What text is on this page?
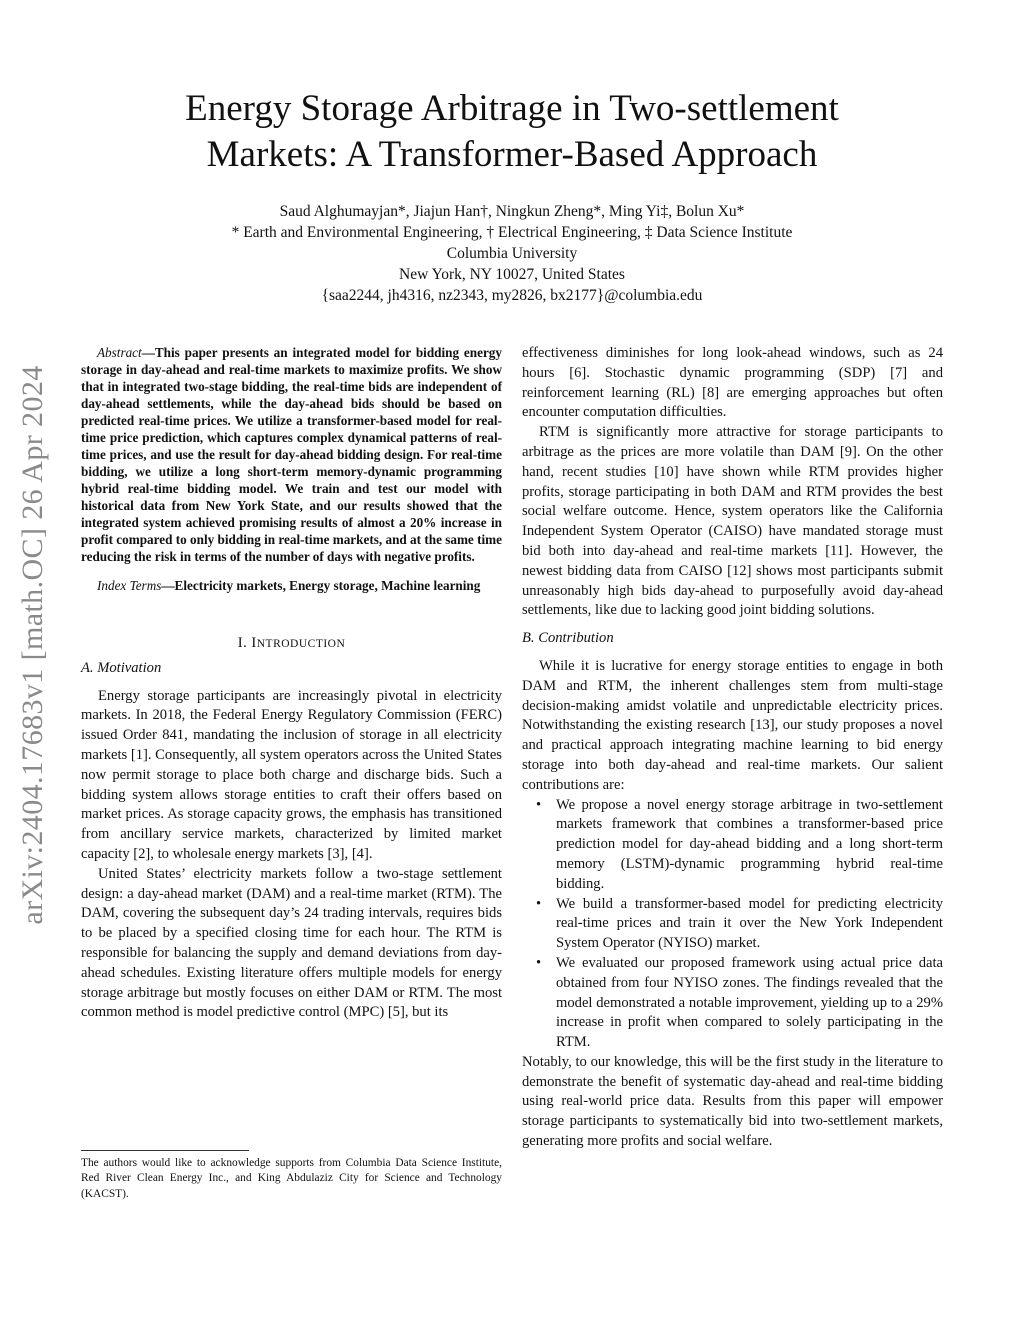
Energy Storage Arbitrage in Two-settlement
Markets: A Transformer-Based Approach
Saud Alghumayjan*, Jiajun Han†, Ningkun Zheng*, Ming Yi‡, Bolun Xu*
* Earth and Environmental Engineering, † Electrical Engineering, ‡ Data Science Institute
Columbia University
New York, NY 10027, United States
{saa2244, jh4316, nz2343, my2826, bx2177}@columbia.edu
arXiv:2404.17683v1 [math.OC] 26 Apr 2024

Abstract—This paper presents an integrated model for bidding energy storage in day-ahead and real-time markets to maximize profits. We show that in integrated two-stage bidding, the real-time bids are independent of day-ahead settlements, while the day-ahead bids should be based on predicted real-time prices. We utilize a transformer-based model for real-time price prediction, which captures complex dynamical patterns of real-time prices, and use the result for day-ahead bidding design. For real-time bidding, we utilize a long short-term memory-dynamic programming hybrid real-time bidding model. We train and test our model with historical data from New York State, and our results showed that the integrated system achieved promising results of almost a 20% increase in profit compared to only bidding in real-time markets, and at the same time reducing the risk in terms of the number of days with negative profits.

Index Terms—Electricity markets, Energy storage, Machine learning

I. INTRODUCTION
A. Motivation

Energy storage participants are increasingly pivotal in electricity markets. In 2018, the Federal Energy Regulatory Commission (FERC) issued Order 841, mandating the inclusion of storage in all electricity markets [1]. Consequently, all system operators across the United States now permit storage to place both charge and discharge bids. Such a bidding system allows storage entities to craft their offers based on market prices. As storage capacity grows, the emphasis has transitioned from ancillary service markets, characterized by limited market capacity [2], to wholesale energy markets [3], [4].

United States’ electricity markets follow a two-stage settlement design: a day-ahead market (DAM) and a real-time market (RTM). The DAM, covering the subsequent day’s 24 trading intervals, requires bids to be placed by a specified closing time for each hour. The RTM is responsible for balancing the supply and demand deviations from day-ahead schedules. Existing literature offers multiple models for energy storage arbitrage but mostly focuses on either DAM or RTM. The most common method is model predictive control (MPC) [5], but its

The authors would like to acknowledge supports from Columbia Data Science Institute, Red River Clean Energy Inc., and King Abdulaziz City for Science and Technology (KACST).

effectiveness diminishes for long look-ahead windows, such as 24 hours [6]. Stochastic dynamic programming (SDP) [7] and reinforcement learning (RL) [8] are emerging approaches but often encounter computation difficulties.

RTM is significantly more attractive for storage participants to arbitrage as the prices are more volatile than DAM [9]. On the other hand, recent studies [10] have shown while RTM provides higher profits, storage participating in both DAM and RTM provides the best social welfare outcome. Hence, system operators like the California Independent System Operator (CAISO) have mandated storage must bid both into day-ahead and real-time markets [11]. However, the newest bidding data from CAISO [12] shows most participants submit unreasonably high bids day-ahead to purposefully avoid day-ahead settlements, like due to lacking good joint bidding solutions.

B. Contribution

While it is lucrative for energy storage entities to engage in both DAM and RTM, the inherent challenges stem from multi-stage decision-making amidst volatile and unpredictable electricity prices. Notwithstanding the existing research [13], our study proposes a novel and practical approach integrating machine learning to bid energy storage into both day-ahead and real-time markets. Our salient contributions are:

• We propose a novel energy storage arbitrage in two-settlement markets framework that combines a transformer-based price prediction model for day-ahead bidding and a long short-term memory (LSTM)-dynamic programming hybrid real-time bidding.
• We build a transformer-based model for predicting electricity real-time prices and train it over the New York Independent System Operator (NYISO) market.
• We evaluated our proposed framework using actual price data obtained from four NYISO zones. The findings revealed that the model demonstrated a notable improvement, yielding up to a 29% increase in profit when compared to solely participating in the RTM.

Notably, to our knowledge, this will be the first study in the literature to demonstrate the benefit of systematic day-ahead and real-time bidding using real-world price data. Results from this paper will empower storage participants to systematically bid into two-settlement markets, generating more profits and social welfare.
